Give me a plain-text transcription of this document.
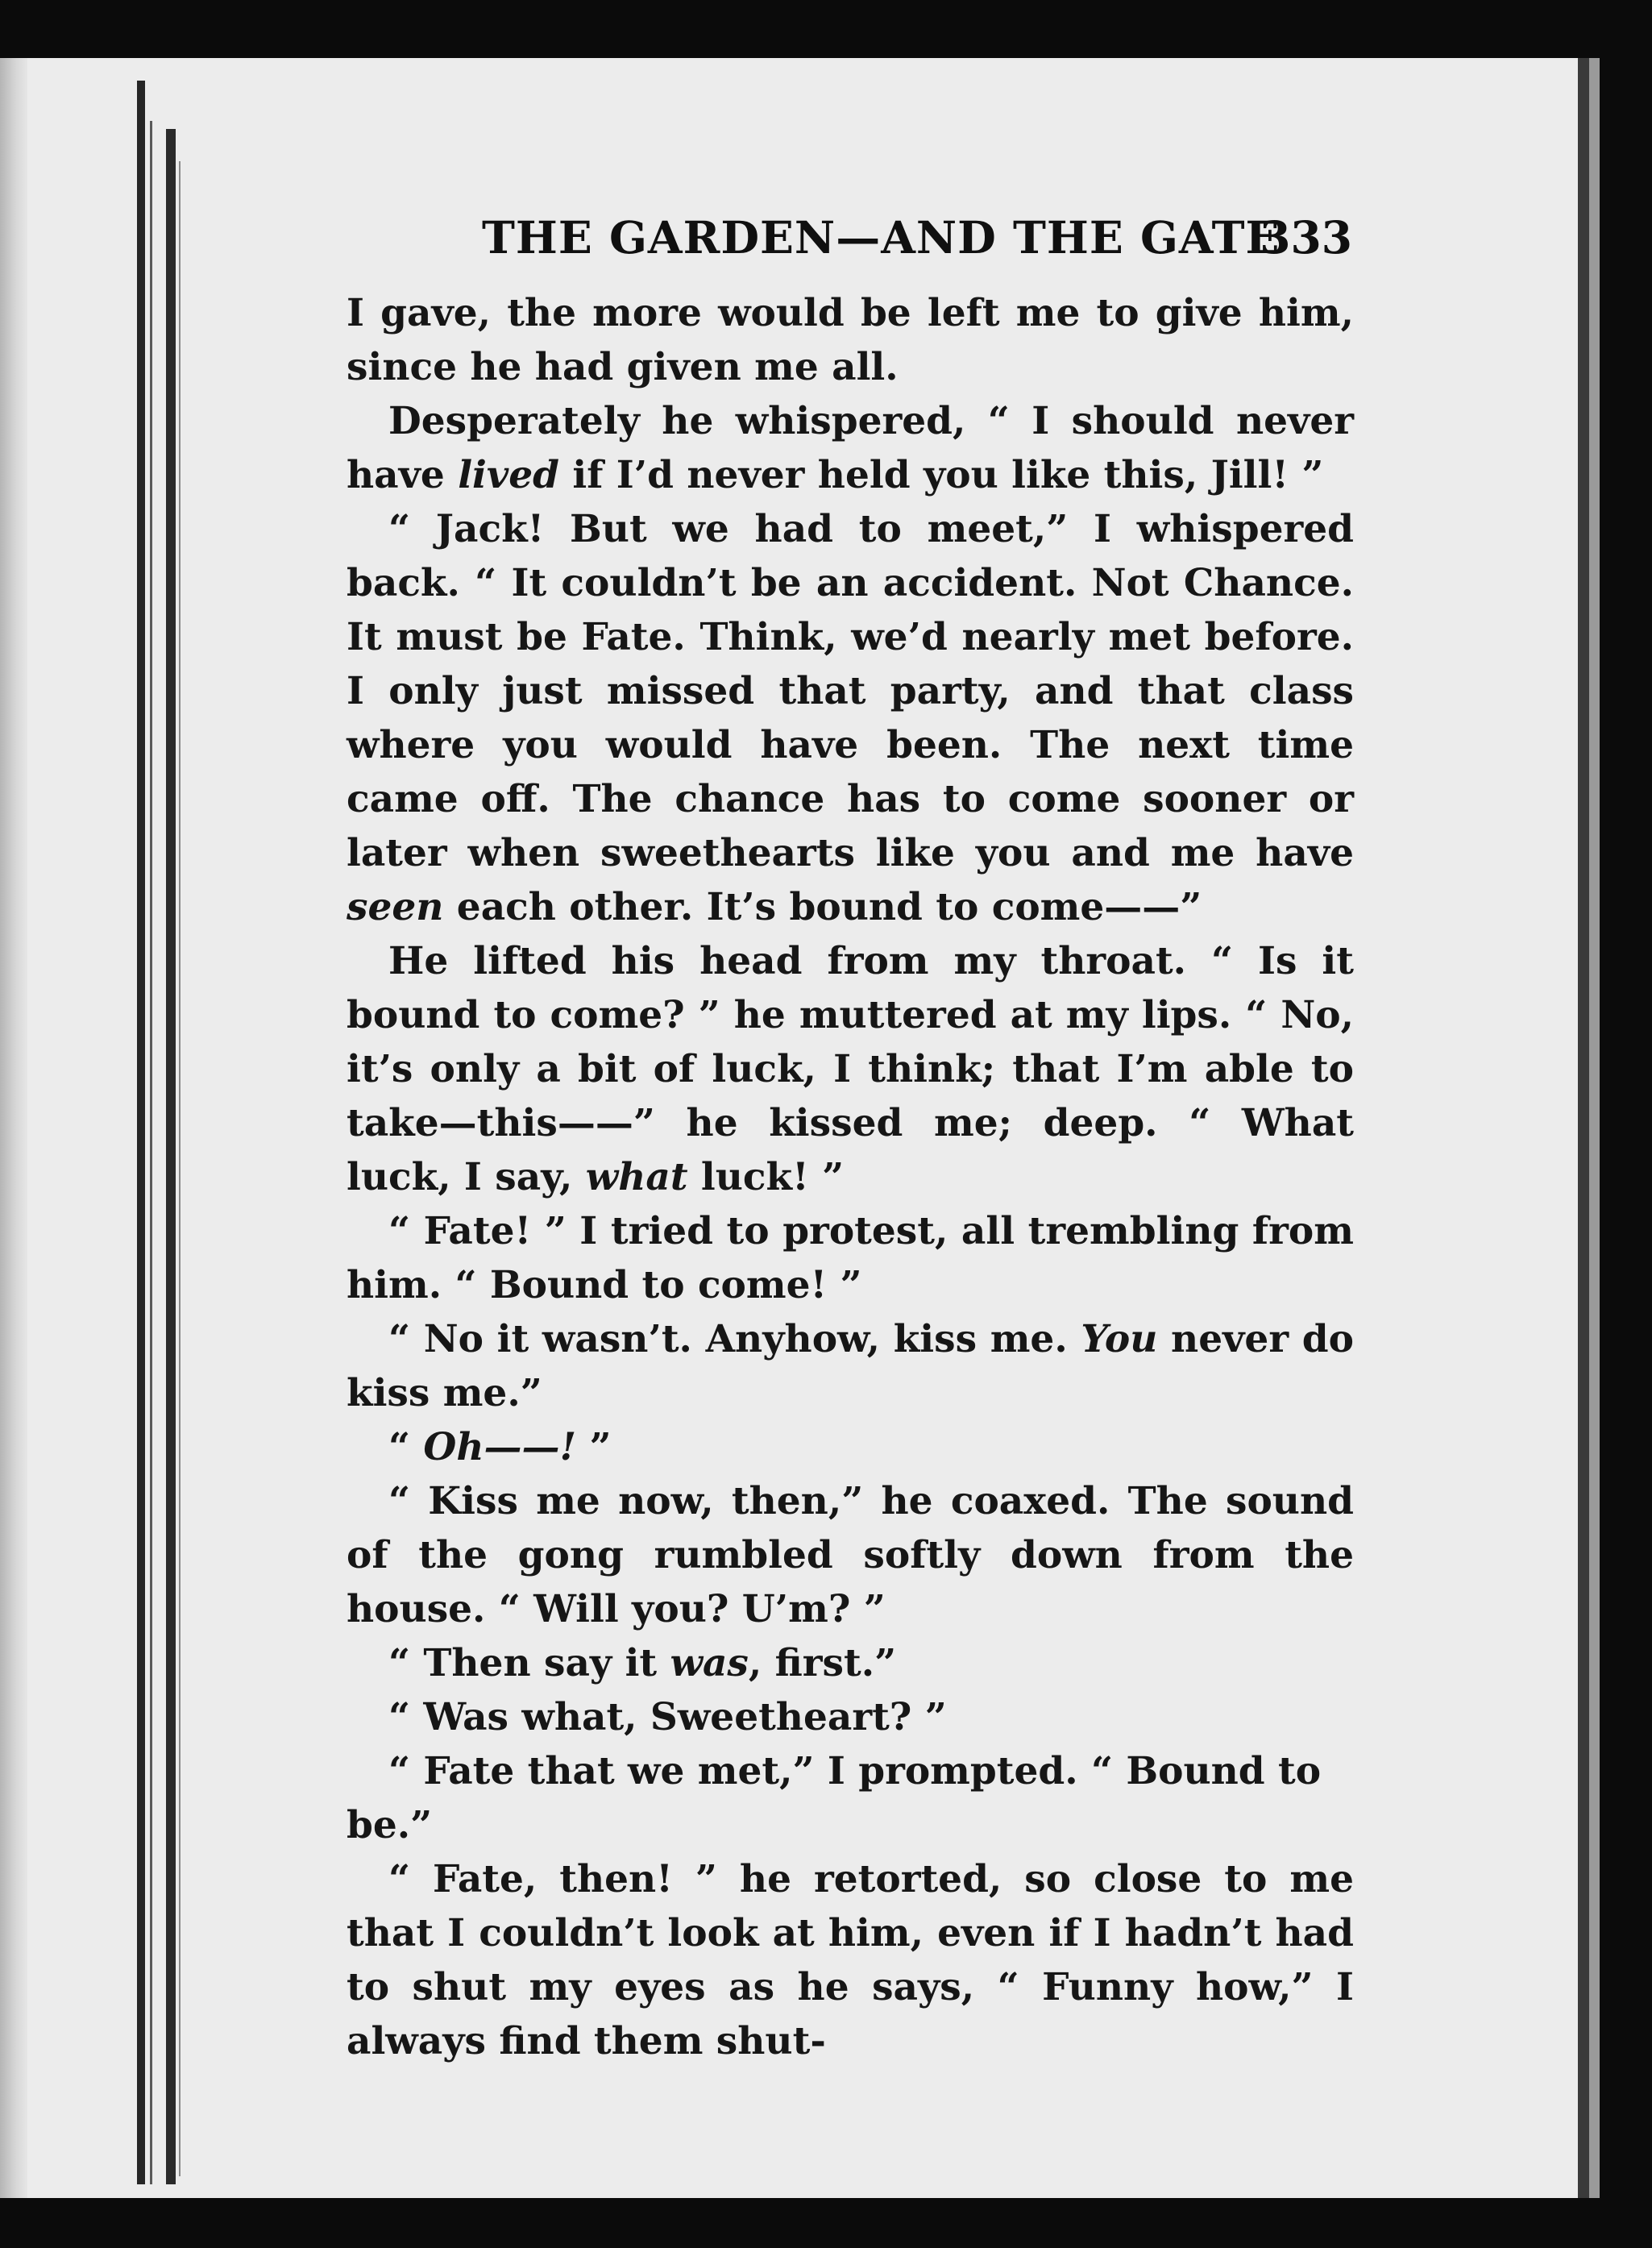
THE GARDEN—AND THE GATE
333

I gave, the more would be left me to give him, since he had given me all.

Desperately he whispered, “ I should never have lived if I’d never held you like this, Jill! ”

“ Jack! But we had to meet,” I whispered back. “ It couldn’t be an accident. Not Chance. It must be Fate. Think, we’d nearly met before. I only just missed that party, and that class where you would have been. The next time came off. The chance has to come sooner or later when sweethearts like you and me have seen each other. It’s bound to come——”

He lifted his head from my throat. “ Is it bound to come? ” he muttered at my lips. “ No, it’s only a bit of luck, I think; that I’m able to take—this——” he kissed me; deep. “ What luck, I say, what luck! ”

“ Fate! ” I tried to protest, all trembling from him. “ Bound to come! ”

“ No it wasn’t. Anyhow, kiss me. You never do kiss me.”

“ Oh——! ”

“ Kiss me now, then,” he coaxed. The sound of the gong rumbled softly down from the house. “ Will you? U’m? ”

“ Then say it was, first.”

“ Was what, Sweetheart? ”

“ Fate that we met,” I prompted. “ Bound to be.”

“ Fate, then! ” he retorted, so close to me that I couldn’t look at him, even if I hadn’t had to shut my eyes as he says, “ Funny how,” I always find them shut-
